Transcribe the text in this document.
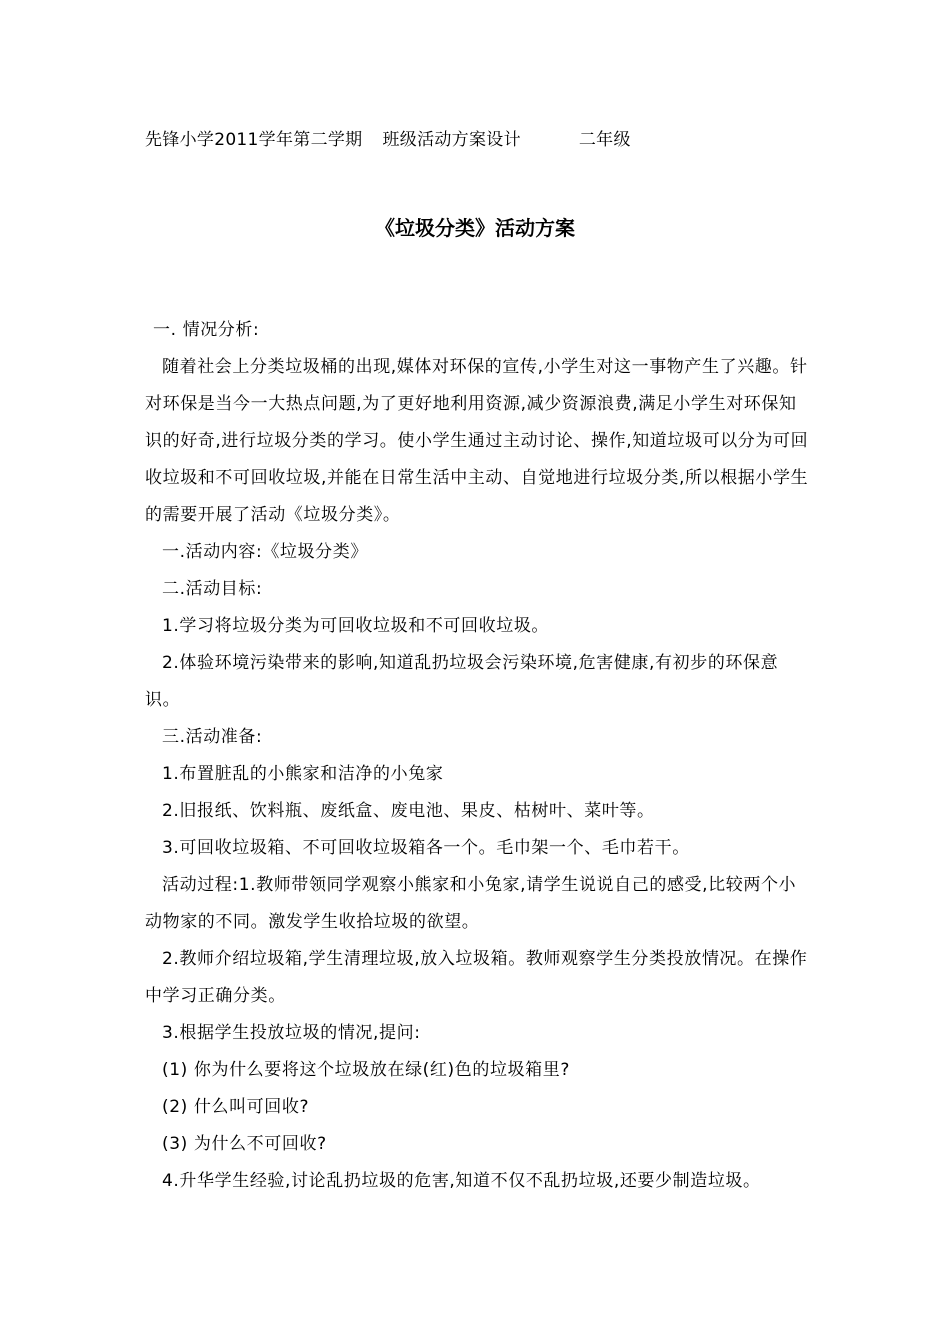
先锋小学2011学年第二学期 班级活动方案设计	二年级
《垃圾分类》活动方案

一. 情况分析:

随着社会上分类垃圾桶的出现,媒体对环保的宣传,小学生对这一事物产生了兴趣。针对环保是当今一大热点问题,为了更好地利用资源,减少资源浪费,满足小学生对环保知识的好奇,进行垃圾分类的学习。使小学生通过主动讨论、操作,知道垃圾可以分为可回收垃圾和不可回收垃圾,并能在日常生活中主动、自觉地进行垃圾分类,所以根据小学生的需要开展了活动《垃圾分类》。

一.活动内容:《垃圾分类》

二.活动目标:

1.学习将垃圾分类为可回收垃圾和不可回收垃圾。

2.体验环境污染带来的影响,知道乱扔垃圾会污染环境,危害健康,有初步的环保意识。

三.活动准备:

1.布置脏乱的小熊家和洁净的小兔家

2.旧报纸、饮料瓶、废纸盒、废电池、果皮、枯树叶、菜叶等。

3.可回收垃圾箱、不可回收垃圾箱各一个。毛巾架一个、毛巾若干。

活动过程:1.教师带领同学观察小熊家和小兔家,请学生说说自己的感受,比较两个小动物家的不同。激发学生收拾垃圾的欲望。

2.教师介绍垃圾箱,学生清理垃圾,放入垃圾箱。教师观察学生分类投放情况。在操作中学习正确分类。

3.根据学生投放垃圾的情况,提问:

(1) 你为什么要将这个垃圾放在绿(红)色的垃圾箱里?

(2) 什么叫可回收?

(3) 为什么不可回收?

4.升华学生经验,讨论乱扔垃圾的危害,知道不仅不乱扔垃圾,还要少制造垃圾。
